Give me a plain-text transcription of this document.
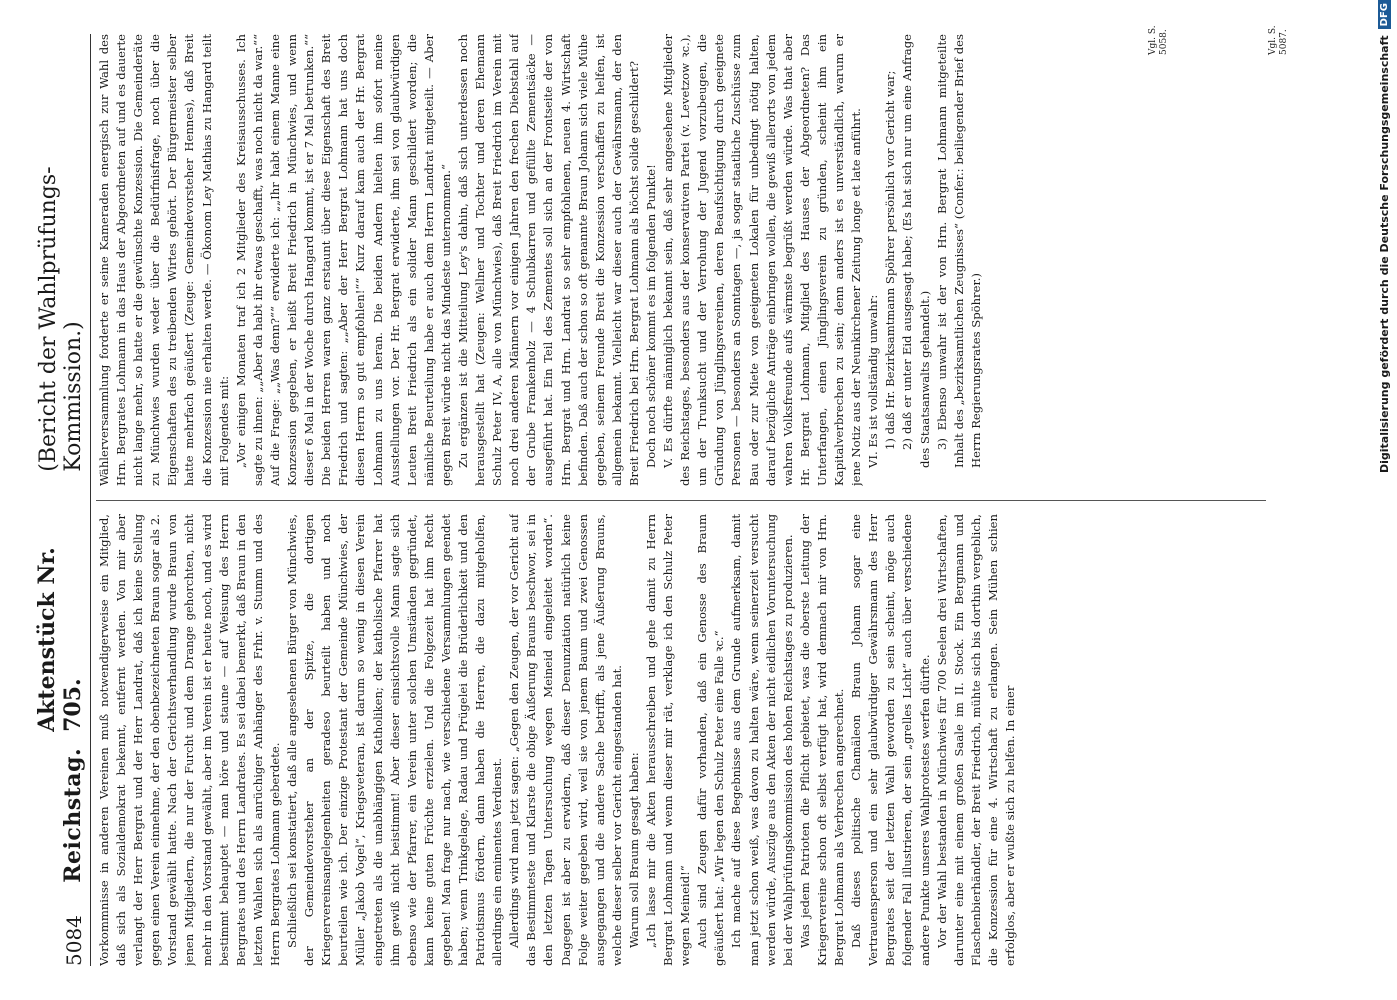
5084
Reichstag.
Aktenstück Nr. 705.
(Bericht der Wahlprüfungs-Kommission.)

Vorkommnisse in anderen Vereinen muß notwendigerweise ein Mitglied, daß sich als Sozialdemokrat bekennt, entfernt werden. Von mir aber verlangt der Herr Bergrat und der Herr Landrat, daß ich keine Stellung gegen einen Verein einnehme, der den obenbezeichneten Braun sogar als 2. Vorstand gewählt hatte. Nach der Gerichtsverhandlung wurde Braun von jenen Mitgliedern, die nur der Furcht und dem Drange gehorchten, nicht mehr in den Vorstand gewählt, aber im Verein ist er heute noch, und es wird bestimmt behauptet — man höre und staune — auf Weisung des Herrn Bergrates und des Herrn Landrates. Es sei dabei bemerkt, daß Braun in den letzten Wahlen sich als anrüchiger Anhänger des Frhr. v. Stumm und des Herrn Bergrates Lohmann geberdete. Schließlich sei konstatiert, daß alle angesehenen Bürger von Münchwies, der Gemeindevorsteher an der Spitze, die dortigen Kriegervereinsangelegenheiten geradeso beurteilt haben und noch beurteilen wie ich. Der einzige Protestant der Gemeinde Münchwies, der Müller „Jakob Vogel“, Kriegsveteran, ist darum so wenig in diesen Verein eingetreten als die unabhängigen Katholiken; der katholische Pfarrer hat ihm gewiß nicht beistimmt! Aber dieser einsichtsvolle Mann sagte sich ebenso wie der Pfarrer, ein Verein unter solchen Umständen gegründet, kann keine guten Früchte erzielen. Und die Folgezeit hat ihm Recht gegeben! Man frage nur nach, wie verschiedene Versammlungen geendet haben; wenn Trinkgelage, Radau und Prügelei die Brüderlichkeit und den Patriotismus fördern, dann haben die Herren, die dazu mitgeholfen, allerdings ein eminentes Verdienst. Allerdings wird man jetzt sagen: „Gegen den Zeugen, der vor Gericht auf das Bestimmteste und Klarste die obige Äußerung Brauns beschwor, sei in den letzten Tagen Untersuchung wegen Meineid eingeleitet worden“. Dagegen ist aber zu erwidern, daß dieser Denunziation natürlich keine Folge weiter gegeben wird, weil sie von jenem Baum und zwei Genossen ausgegangen und die andere Sache betrifft, als jene Äußerung Brauns, welche dieser selber vor Gericht eingestanden hat. Warum soll Braum gesagt haben: „Ich lasse mir die Akten herausschreiben und gehe damit zu Herrn Bergrat Lohmann und wenn dieser mir rät, verklage ich den Schulz Peter wegen Meineid!“ Auch sind Zeugen dafür vorhanden, daß ein Genosse des Braum geäußert hat: „Wir legen den Schulz Peter eine Falle ꝛc.“ Ich mache auf diese Begebnisse aus dem Grunde aufmerksam, damit man jetzt schon weiß, was davon zu halten wäre, wenn seinerzeit versucht werden würde, Auszüge aus den Akten der nicht eidlichen Voruntersuchung bei der Wahlprüfungskommission des hohen Reichstages zu produzieren. Was jedem Patrioten die Pflicht gebietet, was die oberste Leitung der Kriegervereine schon oft selbst verfügt hat, wird demnach mir von Hrn. Bergrat Lohmann als Verbrechen angerechnet. Daß dieses politische Chamäleon Braun Johann sogar eine Vertrauensperson und ein sehr glaubwürdiger Gewährsmann des Herr Bergrates seit der letzten Wahl geworden zu sein scheint, möge auch folgender Fall illustrieren, der sein „grelles Licht“ auch über verschiedene andere Punkte unseres Wahlprotestes werfen dürfte. Vor der Wahl bestanden in Münchwies für 700 Seelen drei Wirtschaften, darunter eine mit einem großen Saale im II. Stock. Ein Bergmann und Flaschenbierhändler, der Breit Friedrich, mühte sich bis dorthin vergeblich, die Konzession für eine 4. Wirtschaft zu erlangen. Sein Mühen schien erfolglos, aber er wußte sich zu helfen. In einer

Wählerversammlung forderte er seine Kameraden energisch zur Wahl des Hrn. Bergrates Lohmann in das Haus der Abgeordneten auf und es dauerte nicht lange mehr, so hatte er die gewünschte Konzession. Die Gemeinderäte zu Münchwies wurden weder über die Bedürfnisfrage, noch über die Eigenschaften des zu treibenden Wirtes gehört. Der Bürgermeister selber hatte mehrfach geäußert (Zeuge: Gemeindevorsteher Hennes), daß Breit die Konzession nie erhalten werde. — Ökonom Ley Mathias zu Hangard teilt mit Folgendes mit: „Vor einigen Monaten traf ich 2 Mitglieder des Kreisausschusses. Ich sagte zu ihnen: „„Aber da habt ihr etwas geschafft, was noch nicht da war.““ Auf die Frage: „„Was denn?““ erwiderte ich: „„Ihr habt einem Manne eine Konzession gegeben, er heißt Breit Friedrich in Münchwies, und wenn dieser 6 Mal in der Woche durch Hangard kommt, ist er 7 Mal betrunken.““ Die beiden Herren waren ganz erstaunt über diese Eigenschaft des Breit Friedrich und sagten: „„Aber der Herr Bergrat Lohmann hat uns doch diesen Herrn so gut empfohlen!““ Kurz darauf kam auch der Hr. Bergrat Lohmann zu uns heran. Die beiden Andern hielten ihm sofort meine Ausstellungen vor. Der Hr. Bergrat erwiderte, ihm sei von glaubwürdigen Leuten Breit Friedrich als ein solider Mann geschildert worden; die nämliche Beurteilung habe er auch dem Herrn Landrat mitgeteilt. — Aber gegen Breit würde nicht das Mindeste unternommen.“ Zu ergänzen ist die Mitteilung Ley's dahin, daß sich unterdessen noch herausgestellt hat (Zeugen: Wellner und Tochter und deren Ehemann Schulz Peter IV, A, alle von Münchwies), daß Breit Friedrich im Verein mit noch drei anderen Männern vor einigen Jahren den frechen Diebstahl auf der Grube Frankenholz — 4 Schubkarren und gefüllte Zementsäcke — ausgeführt hat. Ein Teil des Zementes soll sich an der Frontseite der von Hrn. Bergrat und Hrn. Landrat so sehr empfohlenen, neuen 4. Wirtschaft befinden. Daß auch der schon so oft genannte Braun Johann sich viele Mühe gegeben, seinem Freunde Breit die Konzession verschaffen zu helfen, ist allgemein bekannt. Vielleicht war dieser auch der Gewährsmann, der den Breit Friedrich bei Hrn. Bergrat Lohmann als höchst solide geschildert? Doch noch schöner kommt es im folgenden Punkte! V. Es dürfte männiglich bekannt sein, daß sehr angesehene Mitglieder des Reichstages, besonders aus der konservativen Partei (v. Levetzow ꝛc.), um der Trunksucht und der Verrohung der Jugend vorzubeugen, die Gründung von Jünglingsvereinen, deren Beaufsichtigung durch geeignete Personen — besonders an Sonntagen —, ja sogar staatliche Zuschüsse zum Bau oder zur Miete von geeigneten Lokalen für unbedingt nötig halten, darauf bezügliche Anträge einbringen wollen, die gewiß allerorts von jedem wahren Volksfreunde aufs wärmste begrüßt werden würde. Was that aber Hr. Bergrat Lohmann, Mitglied des Hauses der Abgeordneten? Das Unterfangen, einen Jünglingsverein zu gründen, scheint ihm ein Kapitalverbrechen zu sein; denn anders ist es unverständlich, warum er jene Notiz aus der Neunkirchener Zeitung longe et late anführt. VI. Es ist vollständig unwahr: 1) daß Hr. Bezirksamtmann Spöhrer persönlich vor Gericht war; 2) daß er unter Eid ausgesagt habe; (Es hat sich nur um eine Anfrage des Staatsanwalts gehandelt.) 3) Ebenso unwahr ist der von Hrn. Bergrat Lohmann mitgeteilte Inhalt des „bezirksamtlichen Zeugnisses“ (Confer.: beiliegender Brief des Herrn Regierungsrates Spöhrer.)

Vgl. S. 5058.	Vgl. S. 5087.	Digitalisierung gefördert durch die Deutsche Forschungsgemeinschaft
DFG
